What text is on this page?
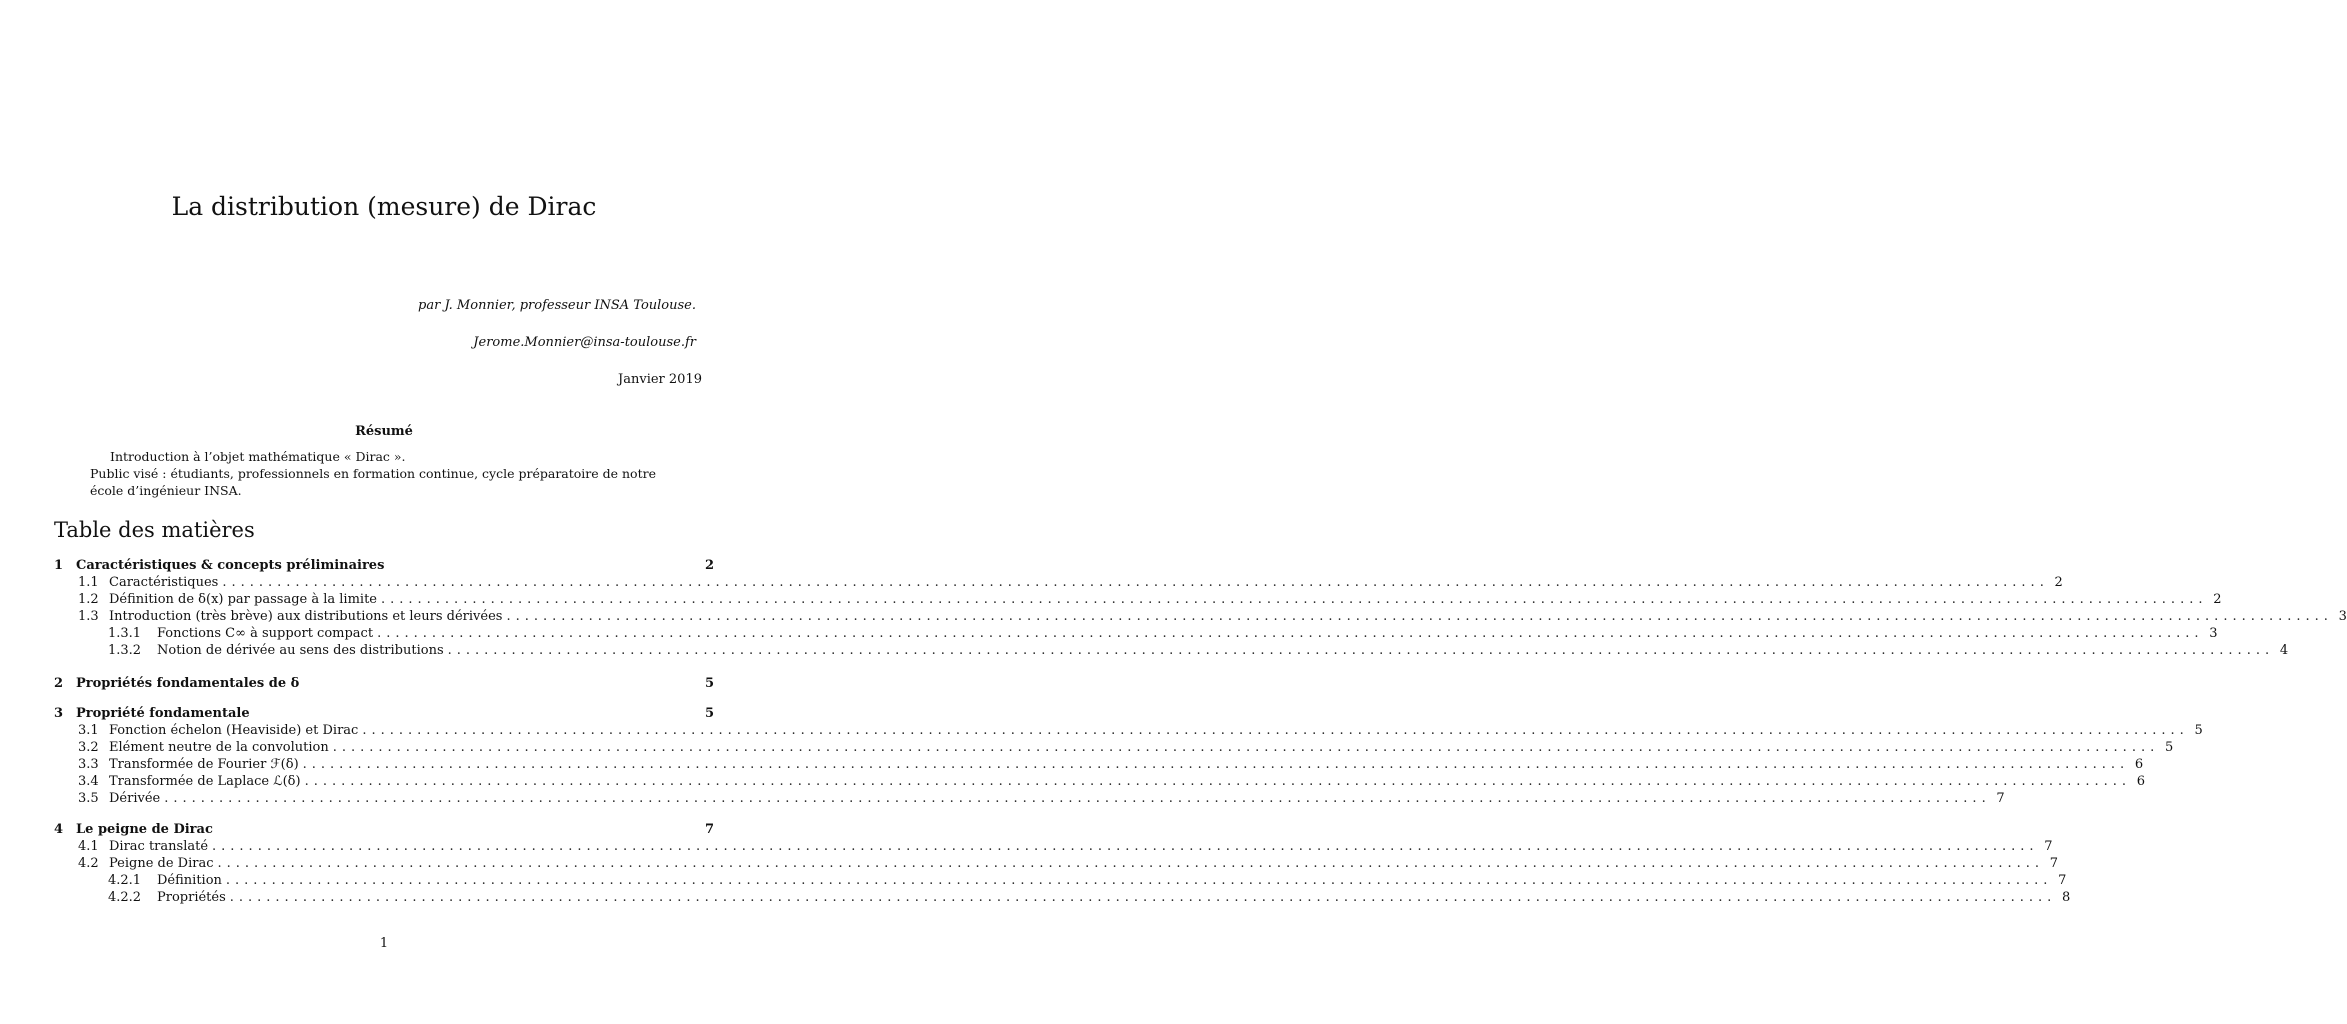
La distribution (mesure) de Dirac
par J. Monnier, professeur INSA Toulouse.
Jerome.Monnier@insa-toulouse.fr
Janvier 2019
Résumé
Introduction à l’objet mathématique « Dirac ».
Public visé : étudiants, professionnels en formation continue, cycle préparatoire de notre école d’ingénieur INSA.
Table des matières
1 Caractéristiques & concepts préliminaires	2
1.1 Caractéristiques ........................................................................................................................................................................................................ 2
1.2 Définition de δ(x) par passage à la limite ........................................................................................................................................................................................................ 2
1.3 Introduction (très brève) aux distributions et leurs dérivées ........................................................................................................................................................................................................ 3
1.3.1	Fonctions C∞ à support compact ........................................................................................................................................................................................................ 3
1.3.2	Notion de dérivée au sens des distributions ........................................................................................................................................................................................................ 4
2 Propriétés fondamentales de δ	5
3 Propriété fondamentale	5
3.1 Fonction échelon (Heaviside) et Dirac ........................................................................................................................................................................................................ 5
3.2 Elément neutre de la convolution ........................................................................................................................................................................................................ 5
3.3 Transformée de Fourier ℱ(δ) ........................................................................................................................................................................................................ 6
3.4 Transformée de Laplace ℒ(δ) ........................................................................................................................................................................................................ 6
3.5 Dérivée ........................................................................................................................................................................................................ 7
4 Le peigne de Dirac	7
4.1 Dirac translaté ........................................................................................................................................................................................................ 7
4.2 Peigne de Dirac ........................................................................................................................................................................................................ 7
4.2.1	Définition ........................................................................................................................................................................................................ 7
4.2.2	Propriétés ........................................................................................................................................................................................................ 8
1
